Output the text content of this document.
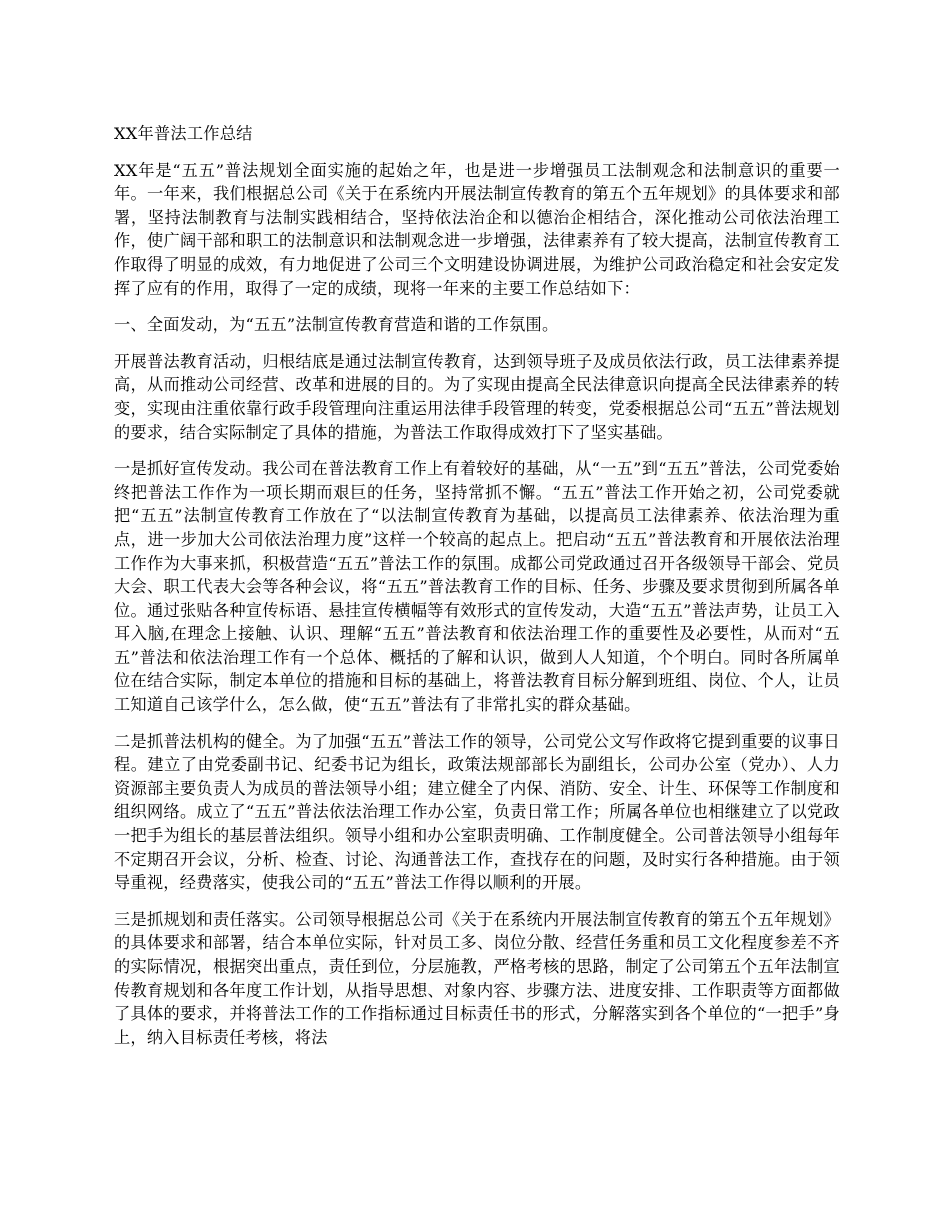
XX年普法工作总结

XX年是“五五”普法规划全面实施的起始之年，也是进一步增强员工法制观念和法制意识的重要一年。一年来，我们根据总公司《关于在系统内开展法制宣传教育的第五个五年规划》的具体要求和部署，坚持法制教育与法制实践相结合，坚持依法治企和以德治企相结合，深化推动公司依法治理工作，使广阔干部和职工的法制意识和法制观念进一步增强，法律素养有了较大提高，法制宣传教育工作取得了明显的成效，有力地促进了公司三个文明建设协调进展，为维护公司政治稳定和社会安定发挥了应有的作用，取得了一定的成绩，现将一年来的主要工作总结如下：

一、全面发动，为“五五”法制宣传教育营造和谐的工作氛围。

开展普法教育活动，归根结底是通过法制宣传教育，达到领导班子及成员依法行政，员工法律素养提高，从而推动公司经营、改革和进展的目的。为了实现由提高全民法律意识向提高全民法律素养的转变，实现由注重依靠行政手段管理向注重运用法律手段管理的转变，党委根据总公司“五五”普法规划的要求，结合实际制定了具体的措施，为普法工作取得成效打下了坚实基础。

一是抓好宣传发动。我公司在普法教育工作上有着较好的基础，从“一五”到“五五”普法，公司党委始终把普法工作作为一项长期而艰巨的任务，坚持常抓不懈。“五五”普法工作开始之初，公司党委就把“五五”法制宣传教育工作放在了“以法制宣传教育为基础，以提高员工法律素养、依法治理为重点，进一步加大公司依法治理力度”这样一个较高的起点上。把启动“五五”普法教育和开展依法治理工作作为大事来抓，积极营造“五五”普法工作的氛围。成都公司党政通过召开各级领导干部会、党员大会、职工代表大会等各种会议，将“五五”普法教育工作的目标、任务、步骤及要求贯彻到所属各单位。通过张贴各种宣传标语、悬挂宣传横幅等有效形式的宣传发动，大造“五五”普法声势，让员工入耳入脑,在理念上接触、认识、理解“五五”普法教育和依法治理工作的重要性及必要性，从而对“五五”普法和依法治理工作有一个总体、概括的了解和认识，做到人人知道，个个明白。同时各所属单位在结合实际，制定本单位的措施和目标的基础上，将普法教育目标分解到班组、岗位、个人，让员工知道自己该学什么，怎么做，使“五五”普法有了非常扎实的群众基础。

二是抓普法机构的健全。为了加强“五五”普法工作的领导，公司党公文写作政将它提到重要的议事日程。建立了由党委副书记、纪委书记为组长，政策法规部部长为副组长，公司办公室（党办）、人力资源部主要负责人为成员的普法领导小组；建立健全了内保、消防、安全、计生、环保等工作制度和组织网络。成立了“五五”普法依法治理工作办公室，负责日常工作；所属各单位也相继建立了以党政一把手为组长的基层普法组织。领导小组和办公室职责明确、工作制度健全。公司普法领导小组每年不定期召开会议，分析、检查、讨论、沟通普法工作，查找存在的问题，及时实行各种措施。由于领导重视，经费落实，使我公司的“五五”普法工作得以顺利的开展。

三是抓规划和责任落实。公司领导根据总公司《关于在系统内开展法制宣传教育的第五个五年规划》的具体要求和部署，结合本单位实际，针对员工多、岗位分散、经营任务重和员工文化程度参差不齐的实际情况，根据突出重点，责任到位，分层施教，严格考核的思路，制定了公司第五个五年法制宣传教育规划和各年度工作计划，从指导思想、对象内容、步骤方法、进度安排、工作职责等方面都做了具体的要求，并将普法工作的工作指标通过目标责任书的形式，分解落实到各个单位的“一把手”身上，纳入目标责任考核，将法
